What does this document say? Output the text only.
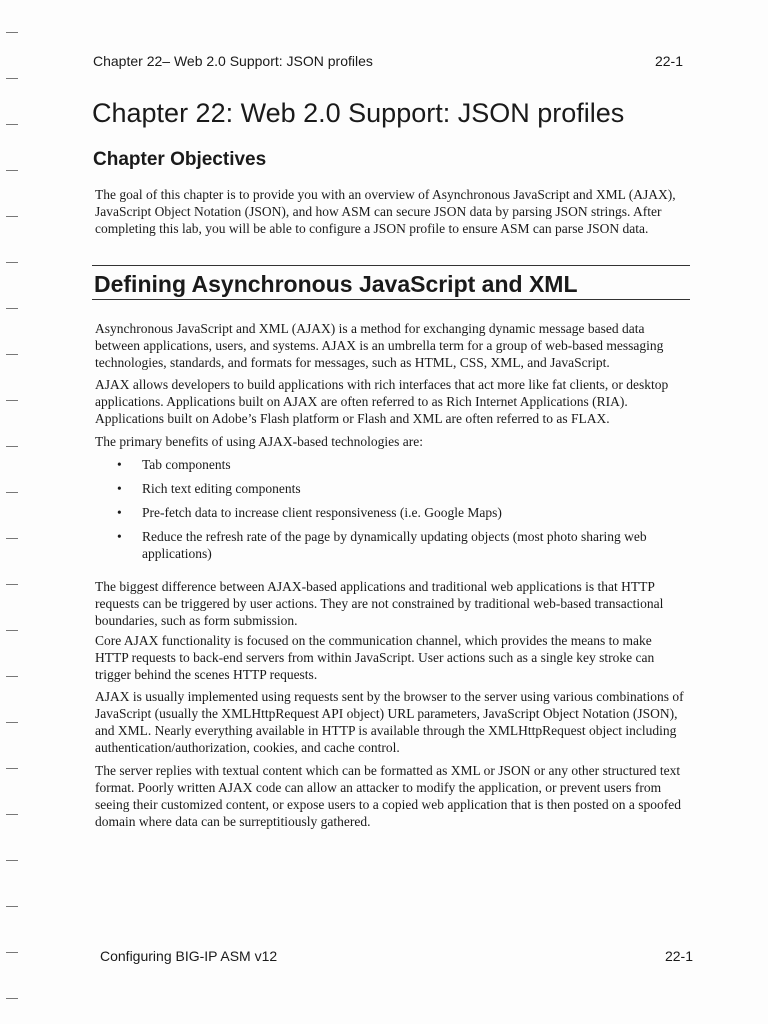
Chapter 22– Web 2.0 Support: JSON profiles	22-1
Chapter 22: Web 2.0 Support: JSON profiles
Chapter Objectives

The goal of this chapter is to provide you with an overview of Asynchronous JavaScript and XML (AJAX), JavaScript Object Notation (JSON), and how ASM can secure JSON data by parsing JSON strings. After completing this lab, you will be able to configure a JSON profile to ensure ASM can parse JSON data.

Defining Asynchronous JavaScript and XML

Asynchronous JavaScript and XML (AJAX) is a method for exchanging dynamic message based data between applications, users, and systems. AJAX is an umbrella term for a group of web-based messaging technologies, standards, and formats for messages, such as HTML, CSS, XML, and JavaScript.

AJAX allows developers to build applications with rich interfaces that act more like fat clients, or desktop applications. Applications built on AJAX are often referred to as Rich Internet Applications (RIA). Applications built on Adobe’s Flash platform or Flash and XML are often referred to as FLAX.

The primary benefits of using AJAX-based technologies are:

• Tab components
• Rich text editing components
• Pre-fetch data to increase client responsiveness (i.e. Google Maps)
• Reduce the refresh rate of the page by dynamically updating objects (most photo sharing web applications)

The biggest difference between AJAX-based applications and traditional web applications is that HTTP requests can be triggered by user actions. They are not constrained by traditional web-based transactional boundaries, such as form submission.

Core AJAX functionality is focused on the communication channel, which provides the means to make HTTP requests to back-end servers from within JavaScript. User actions such as a single key stroke can trigger behind the scenes HTTP requests.

AJAX is usually implemented using requests sent by the browser to the server using various combinations of JavaScript (usually the XMLHttpRequest API object) URL parameters, JavaScript Object Notation (JSON), and XML. Nearly everything available in HTTP is available through the XMLHttpRequest object including authentication/authorization, cookies, and cache control.

The server replies with textual content which can be formatted as XML or JSON or any other structured text format. Poorly written AJAX code can allow an attacker to modify the application, or prevent users from seeing their customized content, or expose users to a copied web application that is then posted on a spoofed domain where data can be surreptitiously gathered.

Configuring BIG-IP ASM v12	22-1
